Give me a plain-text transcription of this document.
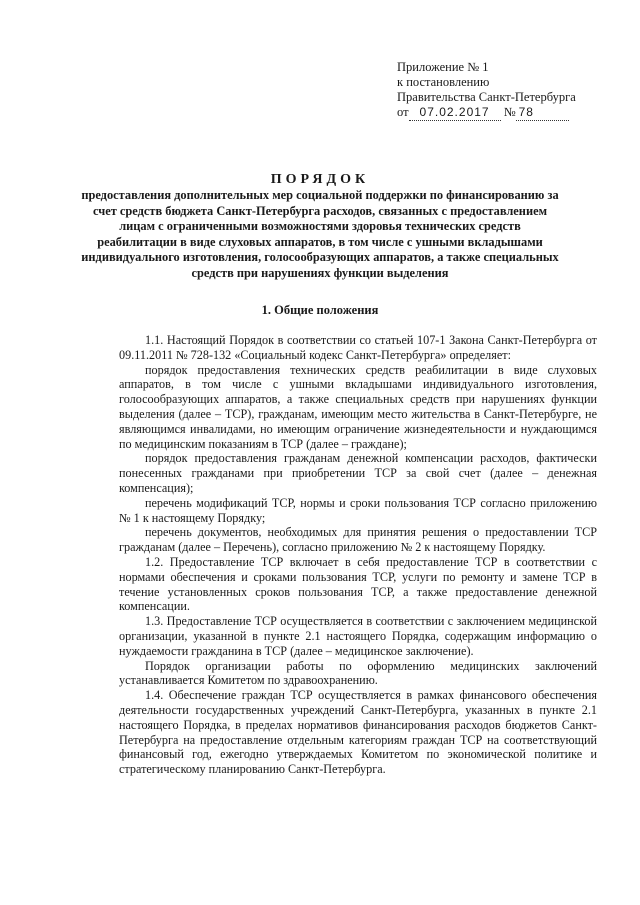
Приложение № 1
к постановлению
Правительства Санкт-Петербурга
от 07.02.2017 № 78
ПОРЯДОК
предоставления дополнительных мер социальной поддержки по финансированию за счет средств бюджета Санкт-Петербурга расходов, связанных с предоставлением лицам с ограниченными возможностями здоровья технических средств реабилитации в виде слуховых аппаратов, в том числе с ушными вкладышами индивидуального изготовления, голосообразующих аппаратов, а также специальных средств при нарушениях функции выделения
1. Общие положения

1.1. Настоящий Порядок в соответствии со статьей 107-1 Закона Санкт-Петербурга от 09.11.2011 № 728-132 «Социальный кодекс Санкт-Петербурга» определяет:

порядок предоставления технических средств реабилитации в виде слуховых аппаратов, в том числе с ушными вкладышами индивидуального изготовления, голосообразующих аппаратов, а также специальных средств при нарушениях функции выделения (далее – ТСР), гражданам, имеющим место жительства в Санкт-Петербурге, не являющимся инвалидами, но имеющим ограничение жизнедеятельности и нуждающимся по медицинским показаниям в ТСР (далее – граждане);

порядок предоставления гражданам денежной компенсации расходов, фактически понесенных гражданами при приобретении ТСР за свой счет (далее – денежная компенсация);

перечень модификаций ТСР, нормы и сроки пользования ТСР согласно приложению № 1 к настоящему Порядку;

перечень документов, необходимых для принятия решения о предоставлении ТСР гражданам (далее – Перечень), согласно приложению № 2 к настоящему Порядку.

1.2. Предоставление ТСР включает в себя предоставление ТСР в соответствии с нормами обеспечения и сроками пользования ТСР, услуги по ремонту и замене ТСР в течение установленных сроков пользования ТСР, а также предоставление денежной компенсации.

1.3. Предоставление ТСР осуществляется в соответствии с заключением медицинской организации, указанной в пункте 2.1 настоящего Порядка, содержащим информацию о нуждаемости гражданина в ТСР (далее – медицинское заключение).

Порядок организации работы по оформлению медицинских заключений устанавливается Комитетом по здравоохранению.

1.4. Обеспечение граждан ТСР осуществляется в рамках финансового обеспечения деятельности государственных учреждений Санкт-Петербурга, указанных в пункте 2.1 настоящего Порядка, в пределах нормативов финансирования расходов бюджетов Санкт-Петербурга на предоставление отдельным категориям граждан ТСР на соответствующий финансовый год, ежегодно утверждаемых Комитетом по экономической политике и стратегическому планированию Санкт-Петербурга.
